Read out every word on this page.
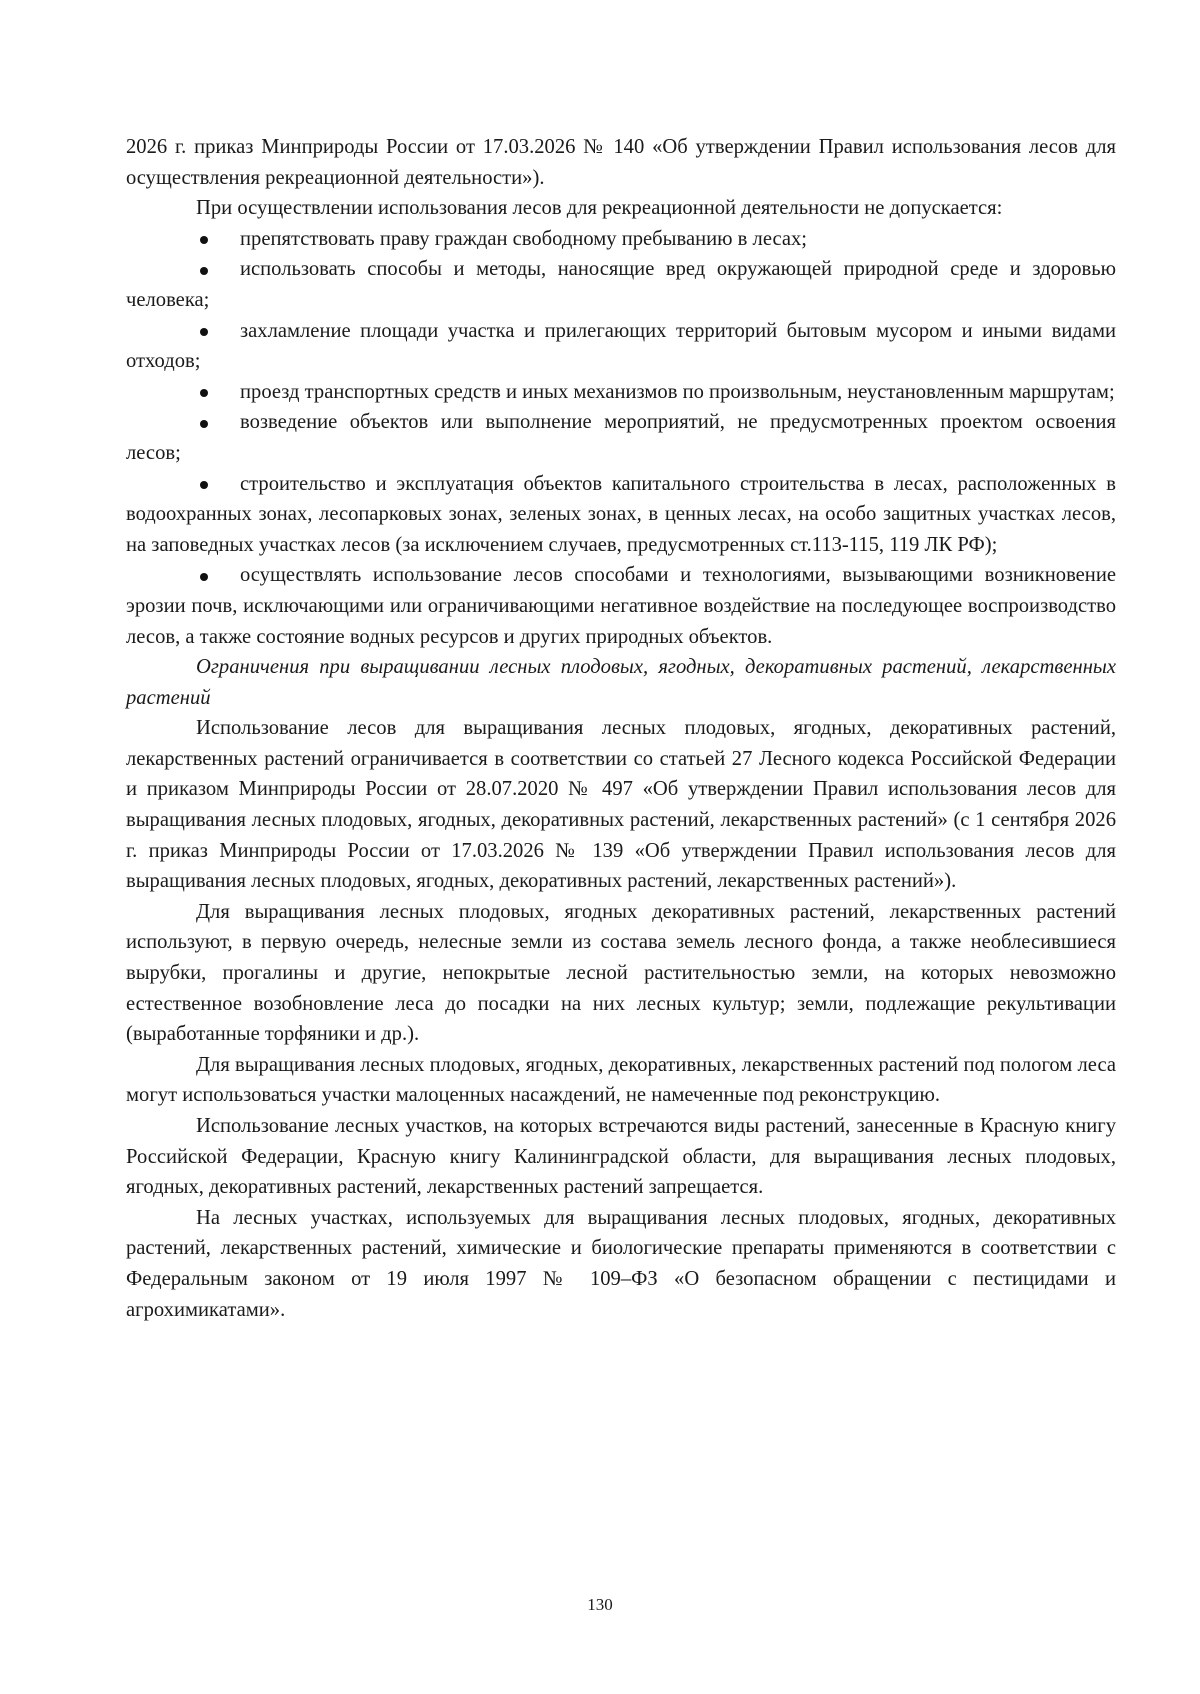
2026 г. приказ Минприроды России от 17.03.2026 № 140 «Об утверждении Правил использования лесов для осуществления рекреационной деятельности»).

При осуществлении использования лесов для рекреационной деятельности не допускается:

препятствовать праву граждан свободному пребыванию в лесах;

использовать способы и методы, наносящие вред окружающей природной среде и здоровью человека;

захламление площади участка и прилегающих территорий бытовым мусором и иными видами отходов;

проезд транспортных средств и иных механизмов по произвольным, неустановленным маршрутам;

возведение объектов или выполнение мероприятий, не предусмотренных проектом освоения лесов;

строительство и эксплуатация объектов капитального строительства в лесах, расположенных в водоохранных зонах, лесопарковых зонах, зеленых зонах, в ценных лесах, на особо защитных участках лесов, на заповедных участках лесов (за исключением случаев, предусмотренных ст.113-115, 119 ЛК РФ);

осуществлять использование лесов способами и технологиями, вызывающими возникновение эрозии почв, исключающими или ограничивающими негативное воздействие на последующее воспроизводство лесов, а также состояние водных ресурсов и других природных объектов.

Ограничения при выращивании лесных плодовых, ягодных, декоративных растений, лекарственных растений

Использование лесов для выращивания лесных плодовых, ягодных, декоративных растений, лекарственных растений ограничивается в соответствии со статьей 27 Лесного кодекса Российской Федерации и приказом Минприроды России от 28.07.2020 № 497 «Об утверждении Правил использования лесов для выращивания лесных плодовых, ягодных, декоративных растений, лекарственных растений» (с 1 сентября 2026 г. приказ Минприроды России от 17.03.2026 № 139 «Об утверждении Правил использования лесов для выращивания лесных плодовых, ягодных, декоративных растений, лекарственных растений»).

Для выращивания лесных плодовых, ягодных декоративных растений, лекарственных растений используют, в первую очередь, нелесные земли из состава земель лесного фонда, а также необлесившиеся вырубки, прогалины и другие, непокрытые лесной растительностью земли, на которых невозможно естественное возобновление леса до посадки на них лесных культур; земли, подлежащие рекультивации (выработанные торфяники и др.).

Для выращивания лесных плодовых, ягодных, декоративных, лекарственных растений под пологом леса могут использоваться участки малоценных насаждений, не намеченные под реконструкцию.

Использование лесных участков, на которых встречаются виды растений, занесенные в Красную книгу Российской Федерации, Красную книгу Калининградской области, для выращивания лесных плодовых, ягодных, декоративных растений, лекарственных растений запрещается.

На лесных участках, используемых для выращивания лесных плодовых, ягодных, декоративных растений, лекарственных растений, химические и биологические препараты применяются в соответствии с Федеральным законом от 19 июля 1997 № 109–ФЗ «О безопасном обращении с пестицидами и агрохимикатами».

130
